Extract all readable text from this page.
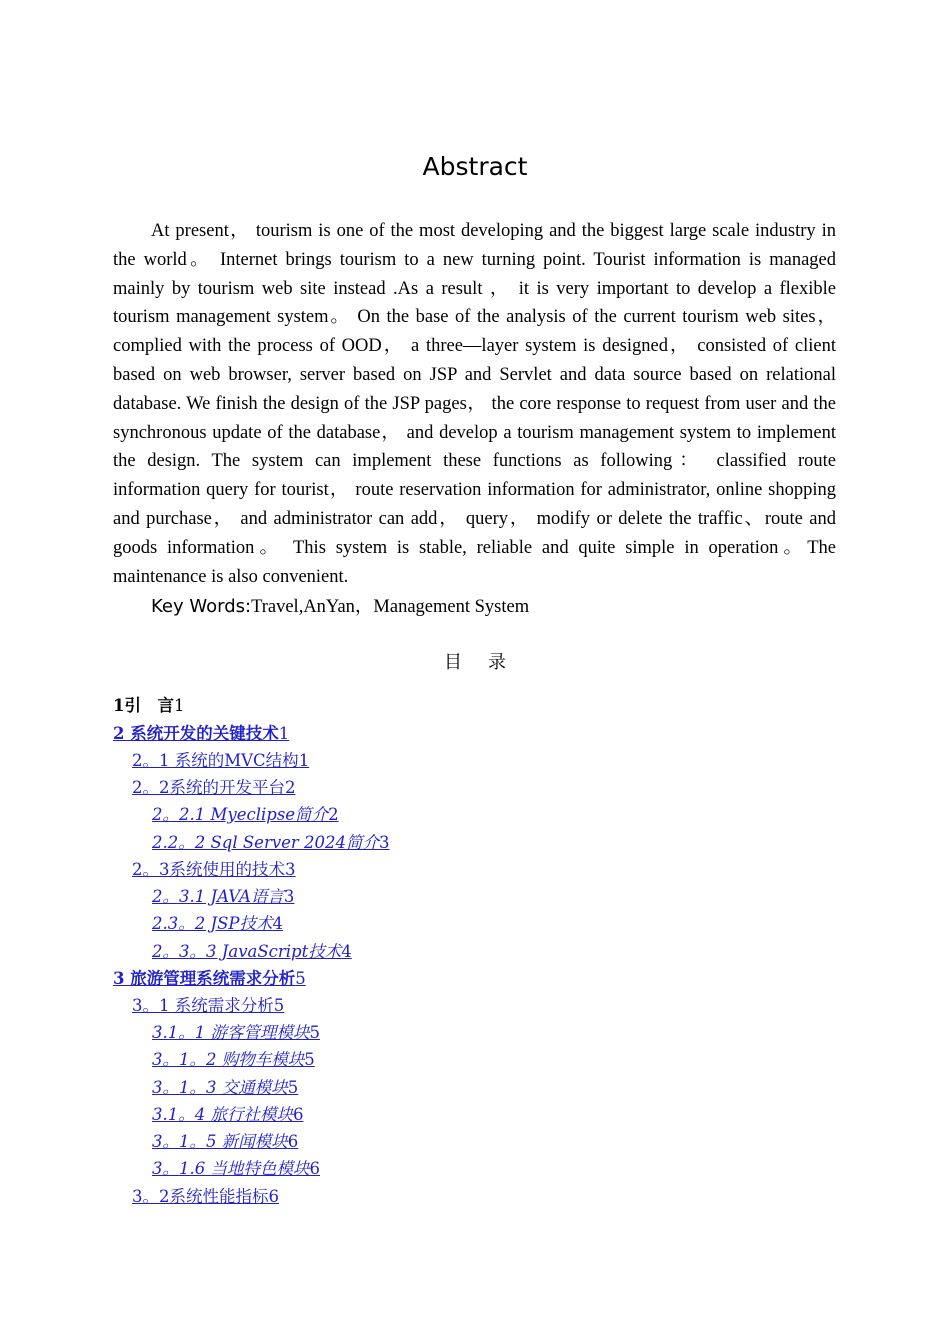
Abstract
At present， tourism is one of the most developing and the biggest large scale industry in the world。 Internet brings tourism to a new turning point. Tourist information is managed mainly by tourism web site instead .As a result ， it is very important to develop a flexible tourism management system。 On the base of the analysis of the current tourism web sites， complied with the process of OOD， a three—layer system is designed， consisted of client based on web browser, server based on JSP and Servlet and data source based on relational database. We finish the design of the JSP pages， the core response to request from user and the synchronous update of the database， and develop a tourism management system to implement the design. The system can implement these functions as following： classified route information query for tourist， route reservation information for administrator, online shopping and purchase， and administrator can add， query， modify or delete the traffic、route and goods information。 This system is stable, reliable and quite simple in operation。The maintenance is also convenient.
Key Words:Travel,AnYan，Management System
目 录
1引　言1
2 系统开发的关键技术1
2。1 系统的MVC结构1
2。2系统的开发平台2
2。2.1 Myeclipse简介2
2.2。2 Sql Server 2024简介3
2。3系统使用的技术3
2。3.1 JAVA语言3
2.3。2 JSP技术4
2。3。3 JavaScript技术4
3 旅游管理系统需求分析5
3。1 系统需求分析5
3.1。1 游客管理模块5
3。1。2 购物车模块5
3。1。3 交通模块5
3.1。4 旅行社模块6
3。1。5 新闻模块6
3。1.6 当地特色模块6
3。2系统性能指标6
